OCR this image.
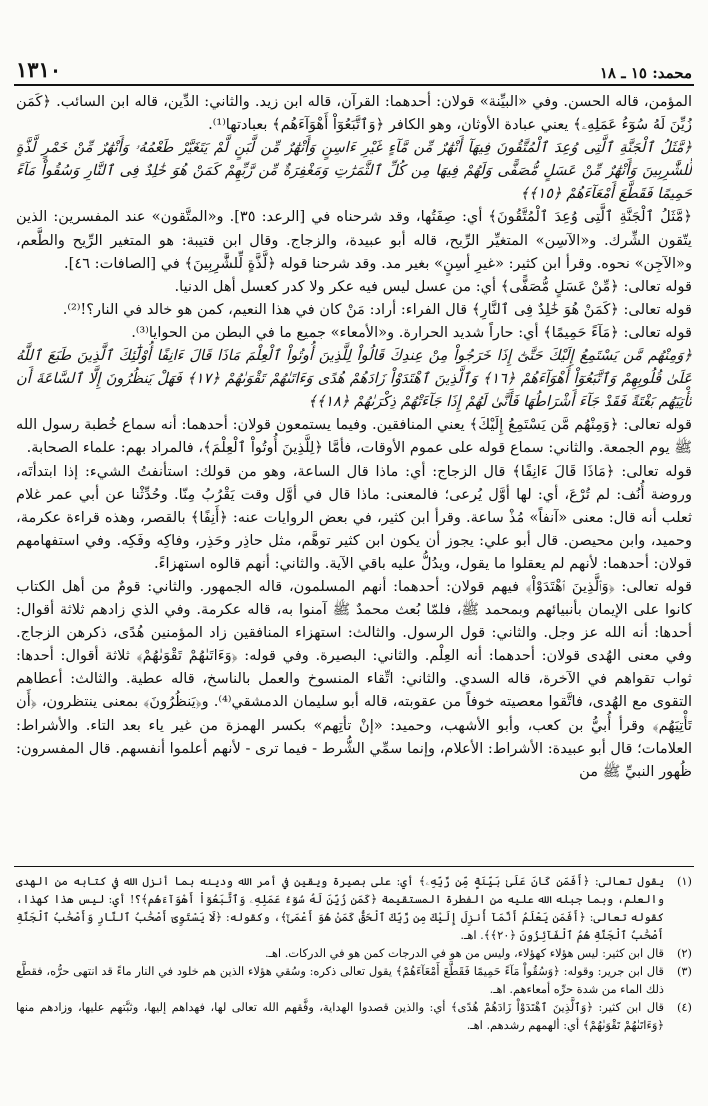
١٣١٠	محمد: ١٥ ـ ١٨

المؤمن، قاله الحسن. وفي «البيِّنة» قولان: أحدهما: القرآن، قاله ابن زيد. والثاني: الدِّين، قاله ابن السائب. ﴿كَمَن زُيِّنَ لَهُ سُوٓءُ عَمَلِهِۦ﴾ يعني عبادة الأوثان، وهو الكافر ﴿وَٱتَّبَعُوٓاْ أَهْوَآءَهُم﴾ بعبادتها⁽¹⁾.

﴿مَّثَلُ ٱلْجَنَّةِ ٱلَّتِى وُعِدَ ٱلْمُتَّقُونَ فِيهَآ أَنْهَٰرٌ مِّن مَّآءٍ غَيْرِ ءَاسِنٍ وَأَنْهَٰرٌ مِّن لَّبَنٍ لَّمْ يَتَغَيَّرْ طَعْمُهُۥ وَأَنْهَٰرٌ مِّنْ خَمْرٍ لَّذَّةٍ لِّلشَّٰرِبِينَ وَأَنْهَٰرٌ مِّنْ عَسَلٍ مُّصَفًّى وَلَهُمْ فِيهَا مِن كُلِّ ٱلثَّمَرَٰتِ وَمَغْفِرَةٌ مِّن رَّبِّهِمْ كَمَنْ هُوَ خَٰلِدٌ فِى ٱلنَّارِ وَسُقُواْ مَآءً حَمِيمًا فَقَطَّعَ أَمْعَآءَهُمْ ﴿١٥﴾﴾

﴿مَّثَلُ ٱلْجَنَّةِ ٱلَّتِى وُعِدَ ٱلْمُتَّقُونَ﴾ أي: صِفَتُها، وقد شرحناه في [الرعد: ٣٥]. و«المتَّقون» عند المفسرين: الذين يتّقون الشِّرك. و«الآسِن» المتغيِّر الرِّيح، قاله أبو عبيدة، والزجاج. وقال ابن قتيبة: هو المتغير الرِّيح والطَّعم، و«الآجِن» نحوه. وقرأ ابن كثير: «غيرِ أسِنٍ» بغير مد. وقد شرحنا قوله ﴿لَّذَّةٍ لِّلشَّٰرِبِينَ﴾ في [الصافات: ٤٦].

قوله تعالى: ﴿مِّنْ عَسَلٍ مُّصَفًّى﴾ أي: من عسل ليس فيه عكر ولا كدر كعسل أهل الدنيا.

قوله تعالى: ﴿كَمَنْ هُوَ خَٰلِدٌ فِى ٱلنَّارِ﴾ قال الفراء: أراد: مَنْ كان في هذا النعيم، كمن هو خالد في النار؟!⁽²⁾.

قوله تعالى: ﴿مَآءً حَمِيمًا﴾ أي: حاراً شديد الحرارة. و«الأمعاء» جميع ما في البطن من الحوايا⁽³⁾.

﴿وَمِنْهُم مَّن يَسْتَمِعُ إِلَيْكَ حَتَّىٰٓ إِذَا خَرَجُواْ مِنْ عِندِكَ قَالُواْ لِلَّذِينَ أُوتُواْ ٱلْعِلْمَ مَاذَا قَالَ ءَانِفًا أُوْلَٰٓئِكَ ٱلَّذِينَ طَبَعَ ٱللَّهُ عَلَىٰ قُلُوبِهِمْ وَٱتَّبَعُوٓاْ أَهْوَآءَهُمْ ﴿١٦﴾ وَٱلَّذِينَ ٱهْتَدَوْاْ زَادَهُمْ هُدًى وَءَاتَىٰهُمْ تَقْوَىٰهُمْ ﴿١٧﴾ فَهَلْ يَنظُرُونَ إِلَّا ٱلسَّاعَةَ أَن تَأْتِيَهُم بَغْتَةً فَقَدْ جَآءَ أَشْرَاطُهَا فَأَنَّىٰ لَهُمْ إِذَا جَآءَتْهُمْ ذِكْرَىٰهُمْ ﴿١٨﴾﴾

قوله تعالى: ﴿وَمِنْهُم مَّن يَسْتَمِعُ إِلَيْكَ﴾ يعني المنافقين. وفيما يستمعون قولان: أحدهما: أنه سماع خُطبة رسول الله ﷺ يوم الجمعة. والثاني: سماع قوله على عموم الأوقات، فأمَّا ﴿لِلَّذِينَ أُوتُواْ ٱلْعِلْمَ﴾، فالمراد بهم: علماء الصحابة.

قوله تعالى: ﴿مَاذَا قَالَ ءَانِفًا﴾ قال الزجاج: أي: ماذا قال الساعة، وهو من قولك: استأنفتُ الشيء: إذا ابتدأتَه، وروضة أُنُف: لم تُرْعَ، أي: لها أوَّل يُرعى؛ فالمعنى: ماذا قال في أوَّل وقت يَقْرُبُ مِنّا. وحُدِّثْنا عن أبي عمر غلام ثعلب أنه قال: معنى «آنفاً» مُذْ ساعة. وقرأ ابن كثير، في بعض الروايات عنه: ﴿أَنِفًا﴾ بالقصر، وهذه قراءة عكرمة، وحميد، وابن محيصن. قال أبو علي: يجوز أن يكون ابن كثير توهَّم، مثل حاذِر وحَذِر، وفاكِه وفَكِه. وفي استفهامهم قولان: أحدهما: لأنهم لم يعقلوا ما يقول، ويدُلُّ عليه باقي الآية. والثاني: أنهم قالوه استهزاءً.

قوله تعالى: ﴿وَٱلَّذِينَ ٱهْتَدَوْاْ﴾ فيهم قولان: أحدهما: أنهم المسلمون، قاله الجمهور. والثاني: قومٌ من أهل الكتاب كانوا على الإيمان بأنبيائهم وبمحمد ﷺ، فلمّا بُعث محمدٌ ﷺ آمنوا به، قاله عكرمة. وفي الذي زادهم ثلاثة أقوال: أحدها: أنه الله عز وجل. والثاني: قول الرسول. والثالث: استهزاء المنافقين زاد المؤمنين هُدًى، ذكرهن الزجاج. وفي معنى الهُدى قولان: أحدهما: أنه العِلْم. والثاني: البصيرة. وفي قوله: ﴿وَءَاتَىٰهُمْ تَقْوَىٰهُمْ﴾ ثلاثة أقوال: أحدها: ثواب تقواهم في الآخرة، قاله السدي. والثاني: اتِّقاء المنسوخ والعمل بالناسخ، قاله عطية. والثالث: أعطاهم التقوى مع الهُدى، فاتَّقوا معصيته خوفاً من عقوبته، قاله أبو سليمان الدمشقي⁽⁴⁾. و﴿يَنظُرُونَ﴾ بمعنى ينتظرون، ﴿أَن تَأْتِيَهُم﴾ وقرأ أُبيُّ بن كعب، وأبو الأشهب، وحميد: «إنْ تأتِهم» بكسر الهمزة من غير ياء بعد التاء. والأشراط: العلامات؛ قال أبو عبيدة: الأشراط: الأعلام، وإنما سمِّي الشُّرط - فيما ترى - لأنهم أعلموا أنفسهم. قال المفسرون: ظُهور النبيِّ ﷺ من

(١)
يقول تعالى: ﴿أَفَمَن كَانَ عَلَىٰ بَيِّنَةٍ مِّن رَّبِّهِۦ﴾ أي: على بصيرة ويقين في أمر الله ودينه بما أنزل الله في كتابه من الهدى والعلم، وبما جبله الله عليه من الفطرة المستقيمة ﴿كَمَن زُيِّنَ لَهُ سُوٓءُ عَمَلِهِۦ وَٱتَّبَعُوٓاْ أَهْوَآءَهُم﴾؟! أي: ليس هذا كهذا، كقوله تعالى: ﴿أَفَمَن يَعْلَمُ أَنَّمَآ أُنزِلَ إِلَيْكَ مِن رَّبِّكَ ٱلْحَقُّ كَمَنْ هُوَ أَعْمَىٰٓ﴾، وكقوله: ﴿لَا يَسْتَوِىٓ أَصْحَٰبُ ٱلنَّارِ وَأَصْحَٰبُ ٱلْجَنَّةِ أَصْحَٰبُ ٱلْجَنَّةِ هُمُ ٱلْفَآئِزُونَ ﴿٢٠﴾﴾. اهـ.
(٢)
قال ابن كثير: ليس هؤلاء كهؤلاء، وليس من هو في الدرجات كمن هو في الدركات. اهـ.
(٣)
قال ابن جرير: وقوله: ﴿وَسُقُواْ مَآءً حَمِيمًا فَقَطَّعَ أَمْعَآءَهُمْ﴾ يقول تعالى ذكره: وسُقي هؤلاء الذين هم خلود في النار ماءً قد انتهى حرُّه، فقطَّع ذلك الماء من شدة حرِّه أمعاءهم. اهـ.
(٤)
قال ابن كثير: ﴿وَٱلَّذِينَ ٱهْتَدَوْاْ زَادَهُمْ هُدًى﴾ أي: والذين قصدوا الهداية، وفَّقهم الله تعالى لها، فهداهم إليها، وثبَّتهم عليها، وزادهم منها ﴿وَءَاتَىٰهُمْ تَقْوَىٰهُمْ﴾ أي: ألهمهم رشدهم. اهـ.
